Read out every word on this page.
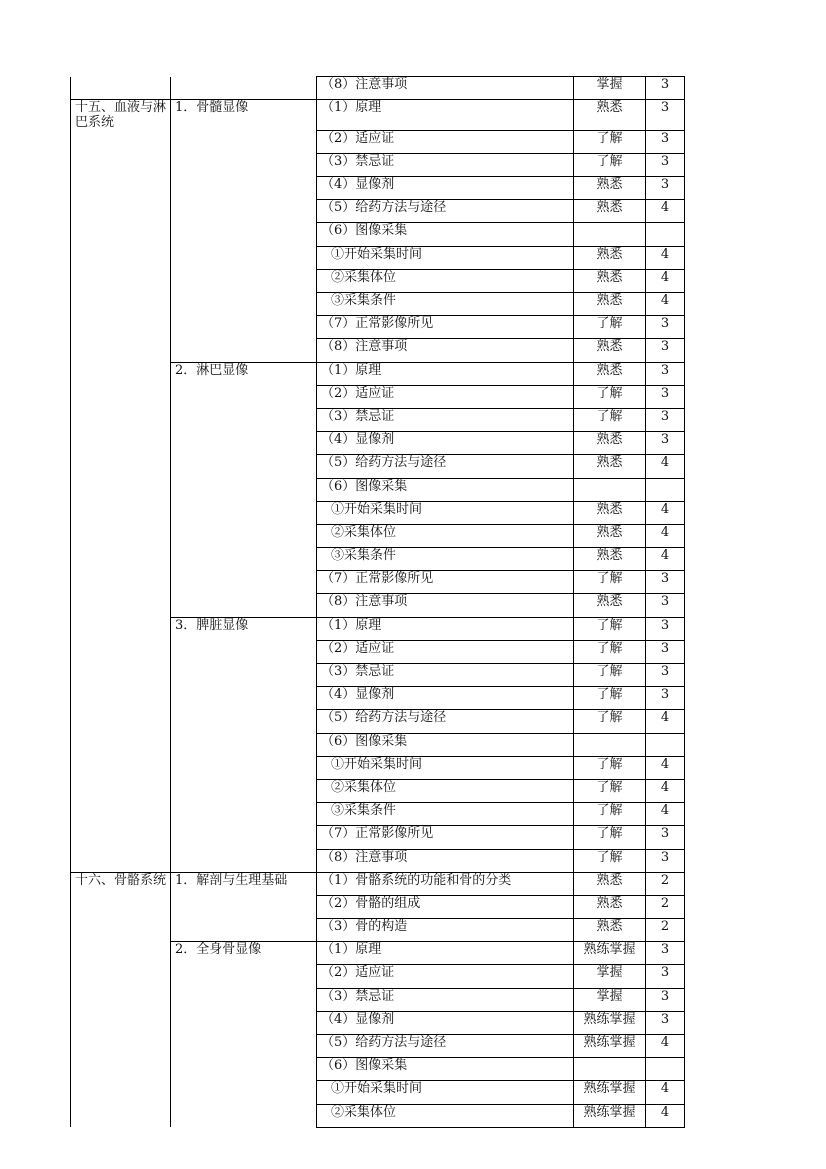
		（8）注意事项	掌握	3
十五、血液与淋巴系统	1．骨髓显像	（1）原理	熟悉	3
		（2）适应证	了解	3
		（3）禁忌证	了解	3
		（4）显像剂	熟悉	3
		（5）给药方法与途径	熟悉	4
		（6）图像采集		
		①开始采集时间	熟悉	4
		②采集体位	熟悉	4
		③采集条件	熟悉	4
		（7）正常影像所见	了解	3
		（8）注意事项	熟悉	3
	2．淋巴显像	（1）原理	熟悉	3
		（2）适应证	了解	3
		（3）禁忌证	了解	3
		（4）显像剂	熟悉	3
		（5）给药方法与途径	熟悉	4
		（6）图像采集		
		①开始采集时间	熟悉	4
		②采集体位	熟悉	4
		③采集条件	熟悉	4
		（7）正常影像所见	了解	3
		（8）注意事项	熟悉	3
	3．脾脏显像	（1）原理	了解	3
		（2）适应证	了解	3
		（3）禁忌证	了解	3
		（4）显像剂	了解	3
		（5）给药方法与途径	了解	4
		（6）图像采集		
		①开始采集时间	了解	4
		②采集体位	了解	4
		③采集条件	了解	4
		（7）正常影像所见	了解	3
		（8）注意事项	了解	3
十六、骨骼系统	1．解剖与生理基础	（1）骨骼系统的功能和骨的分类	熟悉	2
		（2）骨骼的组成	熟悉	2
		（3）骨的构造	熟悉	2
	2．全身骨显像	（1）原理	熟练掌握	3
		（2）适应证	掌握	3
		（3）禁忌证	掌握	3
		（4）显像剂	熟练掌握	3
		（5）给药方法与途径	熟练掌握	4
		（6）图像采集		
		①开始采集时间	熟练掌握	4
		②采集体位	熟练掌握	4
